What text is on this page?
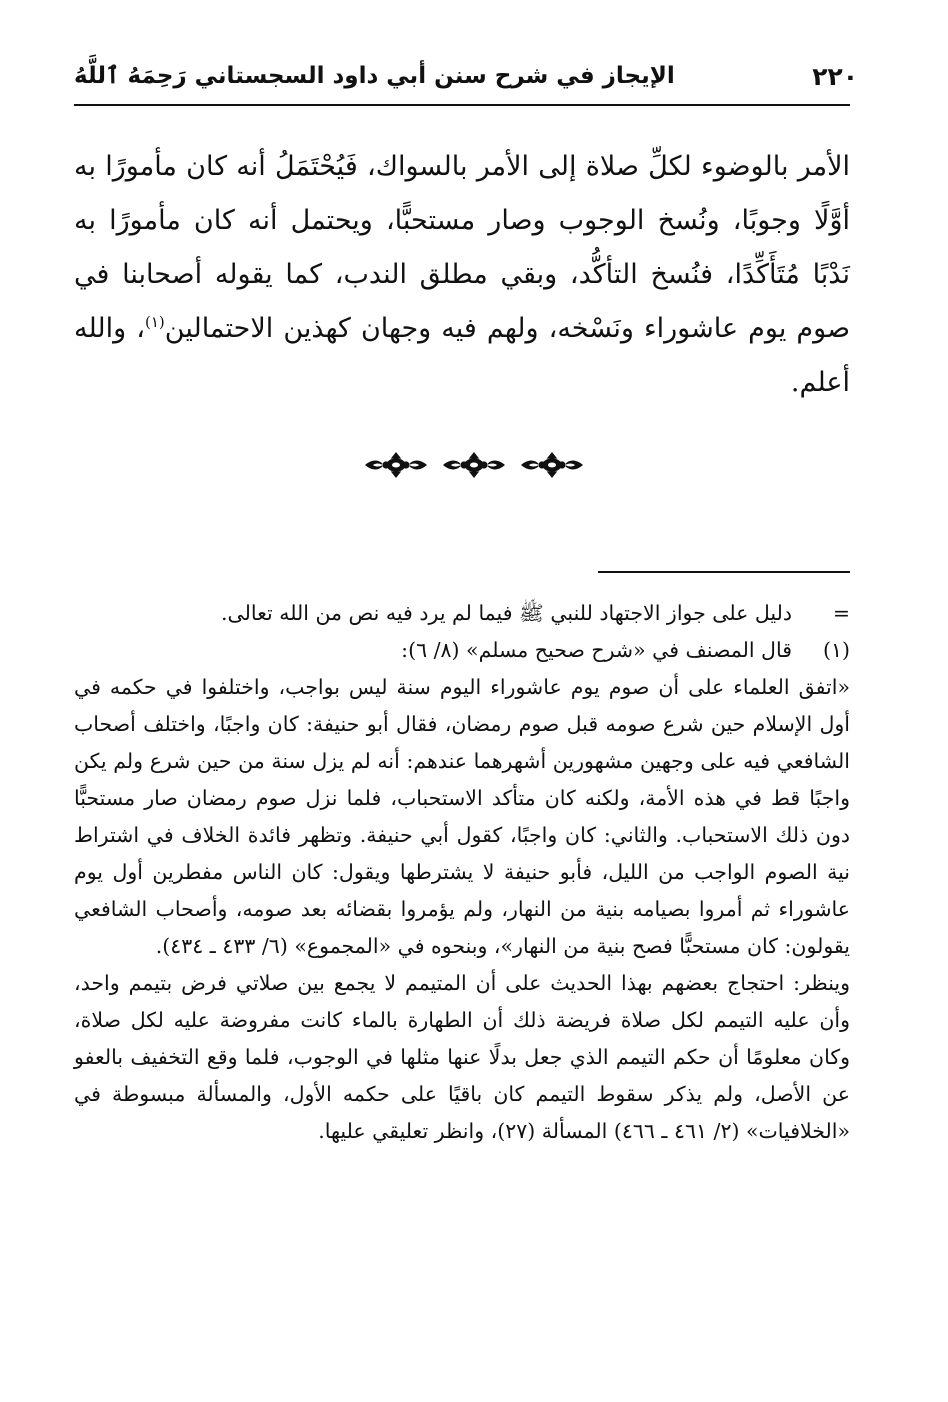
٢٢٠
الإيجاز في شرح سنن أبي داود السجستاني رَحِمَهُ ٱللَّهُ
الأمر بالوضوء لكلِّ صلاة إلى الأمر بالسواك، فَيُحْتَمَلُ أنه كان مأمورًا به أوَّلًا وجوبًا، ونُسخ الوجوب وصار مستحبًّا، ويحتمل أنه كان مأمورًا به نَدْبًا مُتَأَكِّدًا، فنُسخ التأكُّد، وبقي مطلق الندب، كما يقوله أصحابنا في صوم يوم عاشوراء ونَسْخه، ولهم فيه وجهان كهذين الاحتمالين$^{(١)}$، والله أعلم.
=
دليل على جواز الاجتهاد للنبي ﷺ فيما لم يرد فيه نص من الله تعالى.
(١)
قال المصنف في «شرح صحيح مسلم» (٨/ ٦):
«اتفق العلماء على أن صوم يوم عاشوراء اليوم سنة ليس بواجب، واختلفوا في حكمه في أول الإسلام حين شرع صومه قبل صوم رمضان، فقال أبو حنيفة: كان واجبًا، واختلف أصحاب الشافعي فيه على وجهين مشهورين أشهرهما عندهم: أنه لم يزل سنة من حين شرع ولم يكن واجبًا قط في هذه الأمة، ولكنه كان متأكد الاستحباب، فلما نزل صوم رمضان صار مستحبًّا دون ذلك الاستحباب. والثاني: كان واجبًا، كقول أبي حنيفة. وتظهر فائدة الخلاف في اشتراط نية الصوم الواجب من الليل، فأبو حنيفة لا يشترطها ويقول: كان الناس مفطرين أول يوم عاشوراء ثم أمروا بصيامه بنية من النهار، ولم يؤمروا بقضائه بعد صومه، وأصحاب الشافعي يقولون: كان مستحبًّا فصح بنية من النهار»، وبنحوه في «المجموع» (٦/ ٤٣٣ ـ ٤٣٤).
وينظر: احتجاج بعضهم بهذا الحديث على أن المتيمم لا يجمع بين صلاتي فرض بتيمم واحد، وأن عليه التيمم لكل صلاة فريضة ذلك أن الطهارة بالماء كانت مفروضة عليه لكل صلاة، وكان معلومًا أن حكم التيمم الذي جعل بدلًا عنها مثلها في الوجوب، فلما وقع التخفيف بالعفو عن الأصل، ولم يذكر سقوط التيمم كان باقيًا على حكمه الأول، والمسألة مبسوطة في «الخلافيات» (٢/ ٤٦١ ـ ٤٦٦) المسألة (٢٧)، وانظر تعليقي عليها.
